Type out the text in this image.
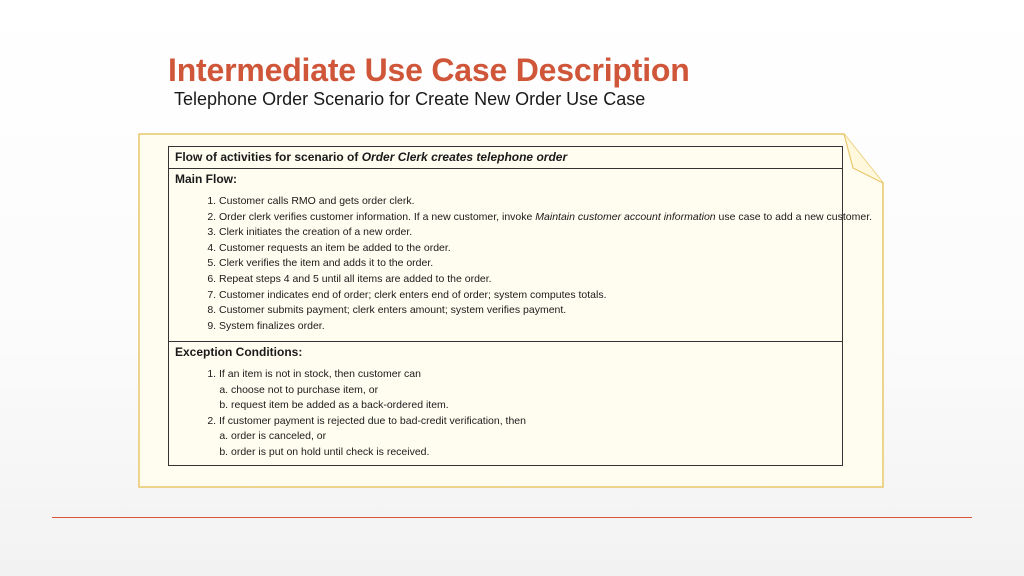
Intermediate Use Case Description
Telephone Order Scenario for Create New Order Use Case
Flow of activities for scenario of Order Clerk creates telephone order
Main Flow:
1. Customer calls RMO and gets order clerk.
2. Order clerk verifies customer information. If a new customer, invoke Maintain customer account information use case to add a new customer.
3. Clerk initiates the creation of a new order.
4. Customer requests an item be added to the order.
5. Clerk verifies the item and adds it to the order.
6. Repeat steps 4 and 5 until all items are added to the order.
7. Customer indicates end of order; clerk enters end of order; system computes totals.
8. Customer submits payment; clerk enters amount; system verifies payment.
9. System finalizes order.
Exception Conditions:
1. If an item is not in stock, then customer can
a. choose not to purchase item, or
b. request item be added as a back-ordered item.
2. If customer payment is rejected due to bad-credit verification, then
a. order is canceled, or
b. order is put on hold until check is received.
